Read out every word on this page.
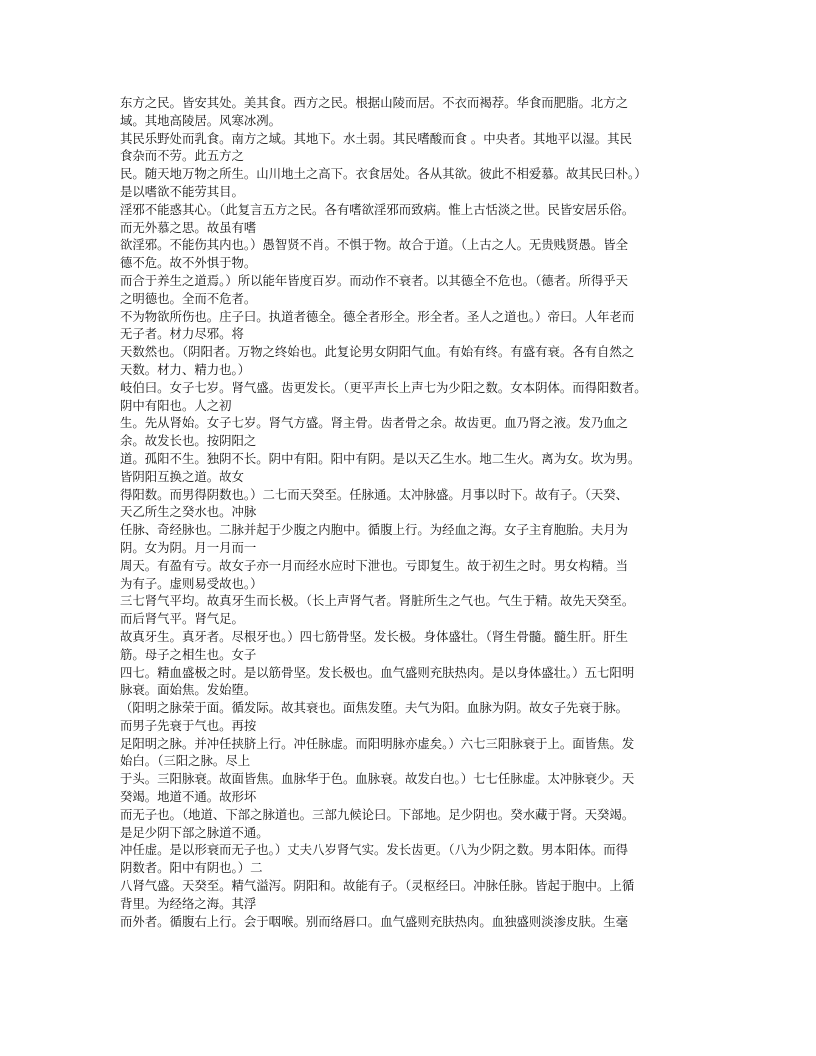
东方之民。皆安其处。美其食。西方之民。根据山陵而居。不衣而褐荐。华食而肥脂。北方之
域。其地高陵居。风寒冰冽。
其民乐野处而乳食。南方之域。其地下。水土弱。其民嗜酸而食 。中央者。其地平以湿。其民
食杂而不劳。此五方之
民。随天地万物之所生。山川地土之高下。衣食居处。各从其欲。彼此不相爱慕。故其民曰朴。）
是以嗜欲不能劳其目。
淫邪不能惑其心。（此复言五方之民。各有嗜欲淫邪而致病。惟上古恬淡之世。民皆安居乐俗。
而无外慕之思。故虽有嗜
欲淫邪。不能伤其内也。）愚智贤不肖。不惧于物。故合于道。（上古之人。无贵贱贤愚。皆全
德不危。故不外惧于物。
而合于养生之道焉。）所以能年皆度百岁。而动作不衰者。以其德全不危也。（德者。所得乎天
之明德也。全而不危者。
不为物欲所伤也。庄子曰。执道者德全。德全者形全。形全者。圣人之道也。）帝曰。人年老而
无子者。材力尽邪。将
天数然也。（阴阳者。万物之终始也。此复论男女阴阳气血。有始有终。有盛有衰。各有自然之
天数。材力、精力也。）
岐伯曰。女子七岁。肾气盛。齿更发长。（更平声长上声七为少阳之数。女本阴体。而得阳数者。
阴中有阳也。人之初
生。先从肾始。女子七岁。肾气方盛。肾主骨。齿者骨之余。故齿更。血乃肾之液。发乃血之
余。故发长也。按阴阳之
道。孤阳不生。独阴不长。阴中有阳。阳中有阴。是以天乙生水。地二生火。离为女。坎为男。
皆阴阳互换之道。故女
得阳数。而男得阴数也。）二七而天癸至。任脉通。太冲脉盛。月事以时下。故有子。（天癸、
天乙所生之癸水也。冲脉
任脉、奇经脉也。二脉并起于少腹之内胞中。循腹上行。为经血之海。女子主育胞胎。夫月为
阴。女为阴。月一月而一
周天。有盈有亏。故女子亦一月而经水应时下泄也。亏即复生。故于初生之时。男女构精。当
为有子。虚则易受故也。）
三七肾气平均。故真牙生而长极。（长上声肾气者。肾脏所生之气也。气生于精。故先天癸至。
而后肾气平。肾气足。
故真牙生。真牙者。尽根牙也。）四七筋骨坚。发长极。身体盛壮。（肾生骨髓。髓生肝。肝生
筋。母子之相生也。女子
四七。精血盛极之时。是以筋骨坚。发长极也。血气盛则充肤热肉。是以身体盛壮。）五七阳明
脉衰。面始焦。发始堕。
（阳明之脉荣于面。循发际。故其衰也。面焦发堕。夫气为阳。血脉为阴。故女子先衰于脉。
而男子先衰于气也。再按
足阳明之脉。并冲任挟脐上行。冲任脉虚。而阳明脉亦虚矣。）六七三阳脉衰于上。面皆焦。发
始白。（三阳之脉。尽上
于头。三阳脉衰。故面皆焦。血脉华于色。血脉衰。故发白也。）七七任脉虚。太冲脉衰少。天
癸竭。地道不通。故形坏
而无子也。（地道、下部之脉道也。三部九候论曰。下部地。足少阴也。癸水藏于肾。天癸竭。
是足少阴下部之脉道不通。
冲任虚。是以形衰而无子也。）丈夫八岁肾气实。发长齿更。（八为少阴之数。男本阳体。而得
阴数者。阳中有阴也。）二
八肾气盛。天癸至。精气溢泻。阴阳和。故能有子。（灵枢经曰。冲脉任脉。皆起于胞中。上循
背里。为经络之海。其浮
而外者。循腹右上行。会于咽喉。别而络唇口。血气盛则充肤热肉。血独盛则淡渗皮肤。生毫
